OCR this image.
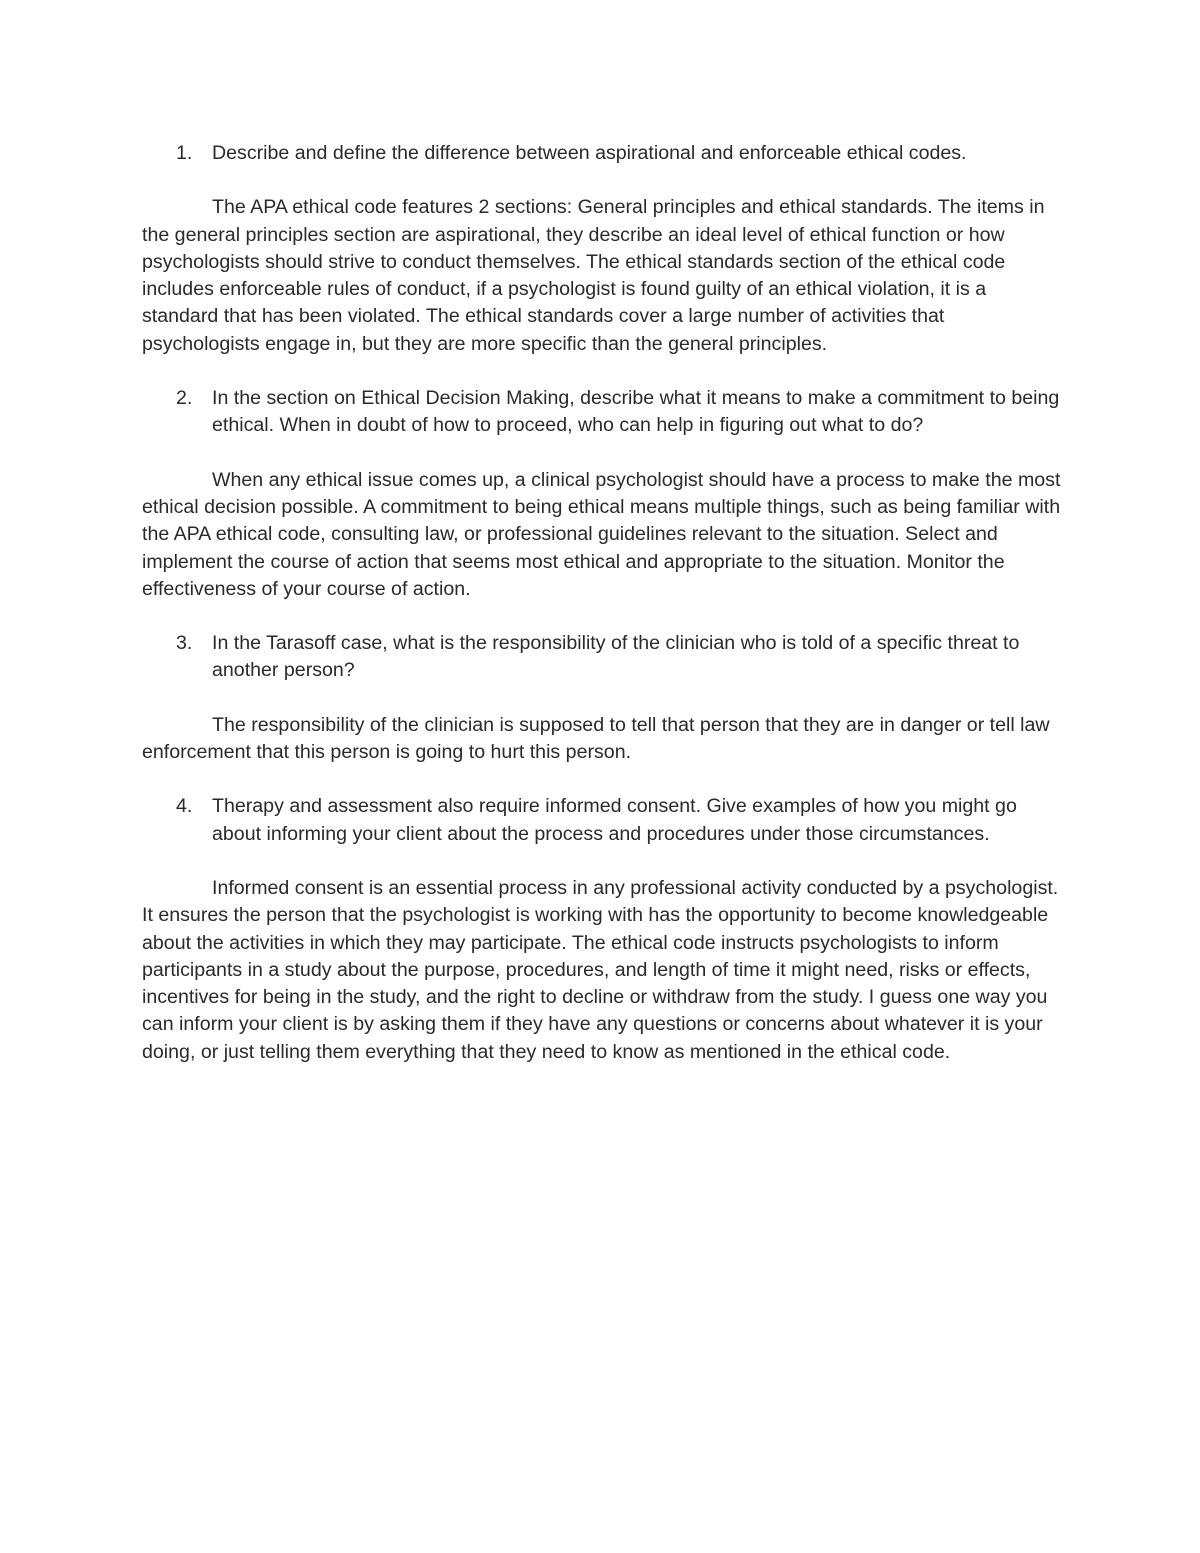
1. Describe and define the difference between aspirational and enforceable ethical codes.

The APA ethical code features 2 sections: General principles and ethical standards. The items in the general principles section are aspirational, they describe an ideal level of ethical function or how psychologists should strive to conduct themselves. The ethical standards section of the ethical code includes enforceable rules of conduct, if a psychologist is found guilty of an ethical violation, it is a standard that has been violated. The ethical standards cover a large number of activities that psychologists engage in, but they are more specific than the general principles.

2. In the section on Ethical Decision Making, describe what it means to make a commitment to being ethical. When in doubt of how to proceed, who can help in figuring out what to do?

When any ethical issue comes up, a clinical psychologist should have a process to make the most ethical decision possible. A commitment to being ethical means multiple things, such as being familiar with the APA ethical code, consulting law, or professional guidelines relevant to the situation. Select and implement the course of action that seems most ethical and appropriate to the situation. Monitor the effectiveness of your course of action.

3. In the Tarasoff case, what is the responsibility of the clinician who is told of a specific threat to another person?

The responsibility of the clinician is supposed to tell that person that they are in danger or tell law enforcement that this person is going to hurt this person.

4. Therapy and assessment also require informed consent. Give examples of how you might go about informing your client about the process and procedures under those circumstances.

Informed consent is an essential process in any professional activity conducted by a psychologist. It ensures the person that the psychologist is working with has the opportunity to become knowledgeable about the activities in which they may participate. The ethical code instructs psychologists to inform participants in a study about the purpose, procedures, and length of time it might need, risks or effects, incentives for being in the study, and the right to decline or withdraw from the study. I guess one way you can inform your client is by asking them if they have any questions or concerns about whatever it is your doing, or just telling them everything that they need to know as mentioned in the ethical code.
